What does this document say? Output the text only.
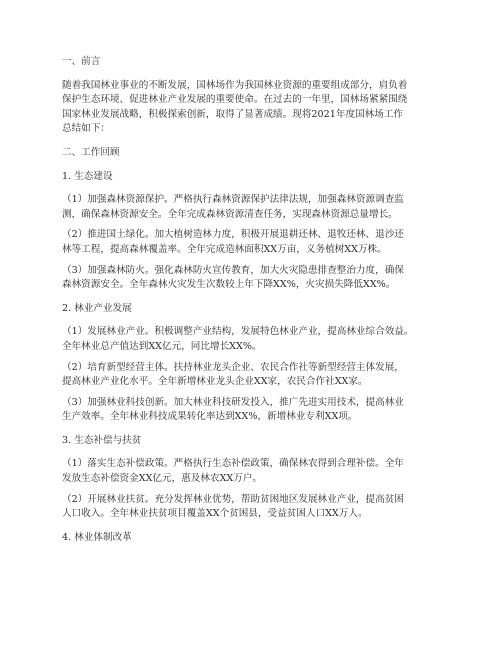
一、前言

随着我国林业事业的不断发展，国林场作为我国林业资源的重要组成部分，肩负着
保护生态环境、促进林业产业发展的重要使命。在过去的一年里，国林场紧紧围绕
国家林业发展战略，积极探索创新，取得了显著成绩。现将2021年度国林场工作
总结如下：

二、工作回顾
1. 生态建设

（1）加强森林资源保护。严格执行森林资源保护法律法规，加强森林资源调查监
测，确保森林资源安全。全年完成森林资源清查任务，实现森林资源总量增长。

（2）推进国土绿化。加大植树造林力度，积极开展退耕还林、退牧还林、退沙还
林等工程，提高森林覆盖率。全年完成造林面积XX万亩，义务植树XX万株。

（3）加强森林防火。强化森林防火宣传教育，加大火灾隐患排查整治力度，确保
森林资源安全。全年森林火灾发生次数较上年下降XX%，火灾损失降低XX%。

2. 林业产业发展

（1）发展林业产业。积极调整产业结构，发展特色林业产业，提高林业综合效益。
全年林业总产值达到XX亿元，同比增长XX%。

（2）培育新型经营主体。扶持林业龙头企业、农民合作社等新型经营主体发展，
提高林业产业化水平。全年新增林业龙头企业XX家，农民合作社XX家。

（3）加强林业科技创新。加大林业科技研发投入，推广先进实用技术，提高林业
生产效率。全年林业科技成果转化率达到XX%，新增林业专利XX项。

3. 生态补偿与扶贫

（1）落实生态补偿政策。严格执行生态补偿政策，确保林农得到合理补偿。全年
发放生态补偿资金XX亿元，惠及林农XX万户。

（2）开展林业扶贫。充分发挥林业优势，帮助贫困地区发展林业产业，提高贫困
人口收入。全年林业扶贫项目覆盖XX个贫困县，受益贫困人口XX万人。

4. 林业体制改革
